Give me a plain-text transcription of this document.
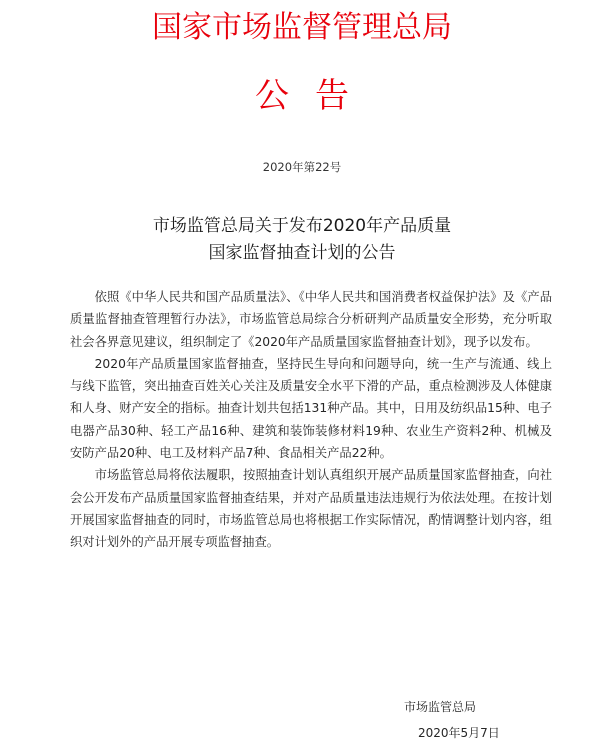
国家市场监督管理总局
公告
2020年第22号
市场监管总局关于发布2020年产品质量
国家监督抽查计划的公告

依照《中华人民共和国产品质量法》、《中华人民共和国消费者权益保护法》及《产品质量监督抽查管理暂行办法》，市场监管总局综合分析研判产品质量安全形势，充分听取社会各界意见建议，组织制定了《2020年产品质量国家监督抽查计划》，现予以发布。

2020年产品质量国家监督抽查，坚持民生导向和问题导向，统一生产与流通、线上与线下监管，突出抽查百姓关心关注及质量安全水平下滑的产品，重点检测涉及人体健康和人身、财产安全的指标。抽查计划共包括131种产品。其中，日用及纺织品15种、电子电器产品30种、轻工产品16种、建筑和装饰装修材料19种、农业生产资料2种、机械及安防产品20种、电工及材料产品7种、食品相关产品22种。

市场监管总局将依法履职，按照抽查计划认真组织开展产品质量国家监督抽查，向社会公开发布产品质量国家监督抽查结果，并对产品质量违法违规行为依法处理。在按计划开展国家监督抽查的同时，市场监管总局也将根据工作实际情况，酌情调整计划内容，组织对计划外的产品开展专项监督抽查。

市场监管总局
2020年5月7日
